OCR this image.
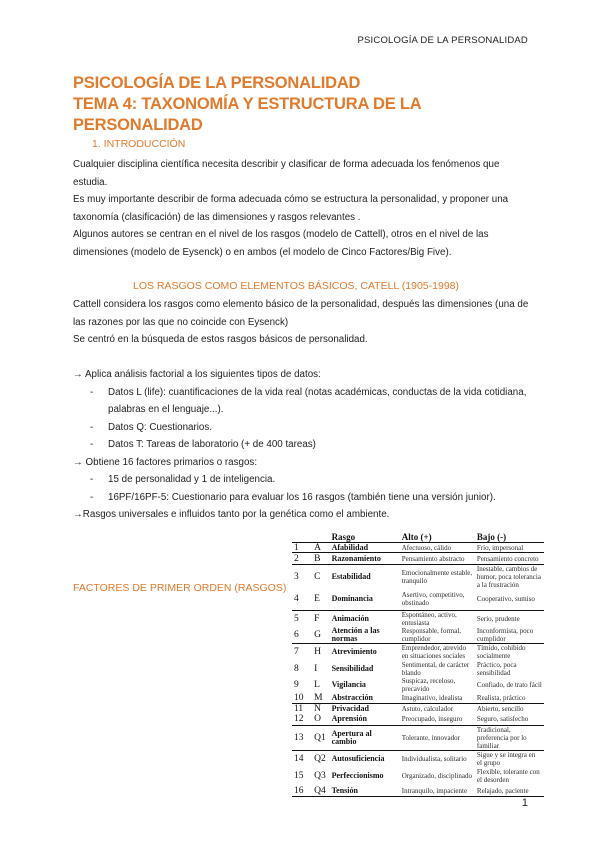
PSICOLOGÍA DE LA PERSONALIDAD
PSICOLOGÍA DE LA PERSONALIDAD
TEMA 4: TAXONOMÍA Y ESTRUCTURA DE LA PERSONALIDAD
1. INTRODUCCIÓN

Cualquier disciplina científica necesita describir y clasificar de forma adecuada los fenómenos que estudia.

Es muy importante describir de forma adecuada cómo se estructura la personalidad, y proponer una taxonomía (clasificación) de las dimensiones y rasgos relevantes .

Algunos autores se centran en el nivel de los rasgos (modelo de Cattell), otros en el nivel de las dimensiones (modelo de Eysenck) o en ambos (el modelo de Cinco Factores/Big Five).

LOS RASGOS COMO ELEMENTOS BÁSICOS, CATELL (1905-1998)

Cattell considera los rasgos como elemento básico de la personalidad, después las dimensiones (una de las razones por las que no coincide con Eysenck)

Se centró en la búsqueda de estos rasgos básicos de personalidad.

→ Aplica análisis factorial a los siguientes tipos de datos:

- Datos L (life): cuantificaciones de la vida real (notas académicas, conductas de la vida cotidiana, palabras en el lenguaje...).
- Datos Q: Cuestionarios.
- Datos T: Tareas de laboratorio (+ de 400 tareas)

→ Obtiene 16 factores primarios o rasgos:

- 15 de personalidad y 1 de inteligencia.
- 16PF/16PF-5: Cuestionario para evaluar los 16 rasgos (también tiene una versión junior).

→Rasgos universales e influidos tanto por la genética como el ambiente.

FACTORES DE PRIMER ORDEN (RASGOS)
		Rasgo	Alto (+)	Bajo (-)
1	A	Afabilidad	Afectuoso, cálido	Frío, impersonal
2	B	Razonamiento	Pensamiento abstracto	Pensamiento concreto
3	C	Estabilidad	Emocionalmente estable, tranquilo	Inestable, cambios de humor, poca tolerancia a la frustración
4	E	Dominancia	Asertivo, competitivo, obstinado	Cooperativo, sumiso
5	F	Animación	Espontáneo, activo, entusiasta	Serio, prudente
6	G	Atención a las normas	Responsable, formal, cumplidor	Inconformista, poco cumplidor
7	H	Atrevimiento	Emprendedor, atrevido en situaciones sociales	Tímido, cohibido socialmente
8	I	Sensibilidad	Sentimental, de carácter blando	Práctico, poca sensibilidad
9	L	Vigilancia	Suspicaz, receloso, precavido	Confiado, de trato fácil
10	M	Abstracción	Imaginativo, idealista	Realista, práctico
11	N	Privacidad	Astuto, calculador	Abierto, sencillo
12	O	Aprensión	Preocupado, inseguro	Seguro, satisfecho
13	Q1	Apertura al cambio	Tolerante, innovador	Tradicional, preferencia por lo familiar
14	Q2	Autosuficiencia	Individualista, solitario	Sigue y se integra en el grupo
15	Q3	Perfeccionismo	Organizado, disciplinado	Flexible, tolerante con el desorden
16	Q4	Tensión	Intranquilo, impaciente	Relajado, paciente
1
